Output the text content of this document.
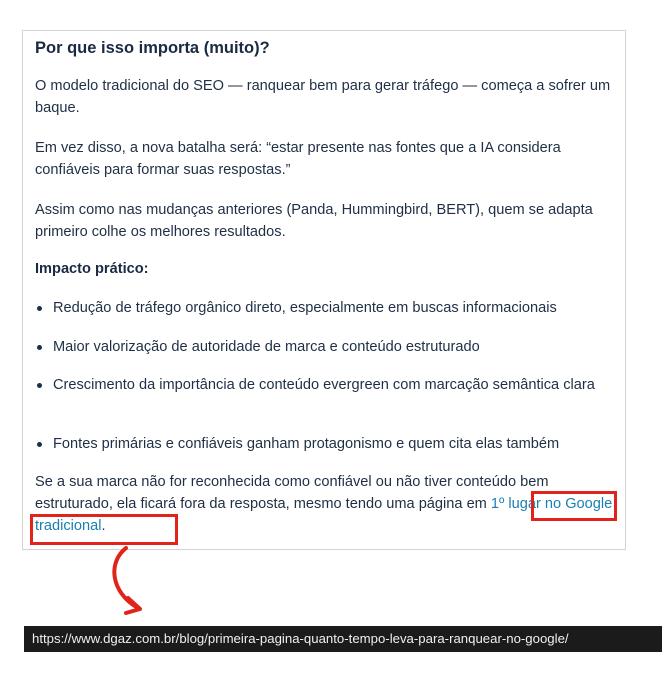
Por que isso importa (muito)?

O modelo tradicional do SEO — ranquear bem para gerar tráfego — começa a sofrer um baque.

Em vez disso, a nova batalha será: “estar presente nas fontes que a IA considera confiáveis para formar suas respostas.”

Assim como nas mudanças anteriores (Panda, Hummingbird, BERT), quem se adapta primeiro colhe os melhores resultados.

Impacto prático:
Redução de tráfego orgânico direto, especialmente em buscas informacionais
Maior valorização de autoridade de marca e conteúdo estruturado
Crescimento da importância de conteúdo evergreen com marcação semântica clara
Fontes primárias e confiáveis ganham protagonismo e quem cita elas também

Se a sua marca não for reconhecida como confiável ou não tiver conteúdo bem estruturado, ela ficará fora da resposta, mesmo tendo uma página em 1º lugar no Google tradicional.

https://www.dgaz.com.br/blog/primeira-pagina-quanto-tempo-leva-para-ranquear-no-google/
